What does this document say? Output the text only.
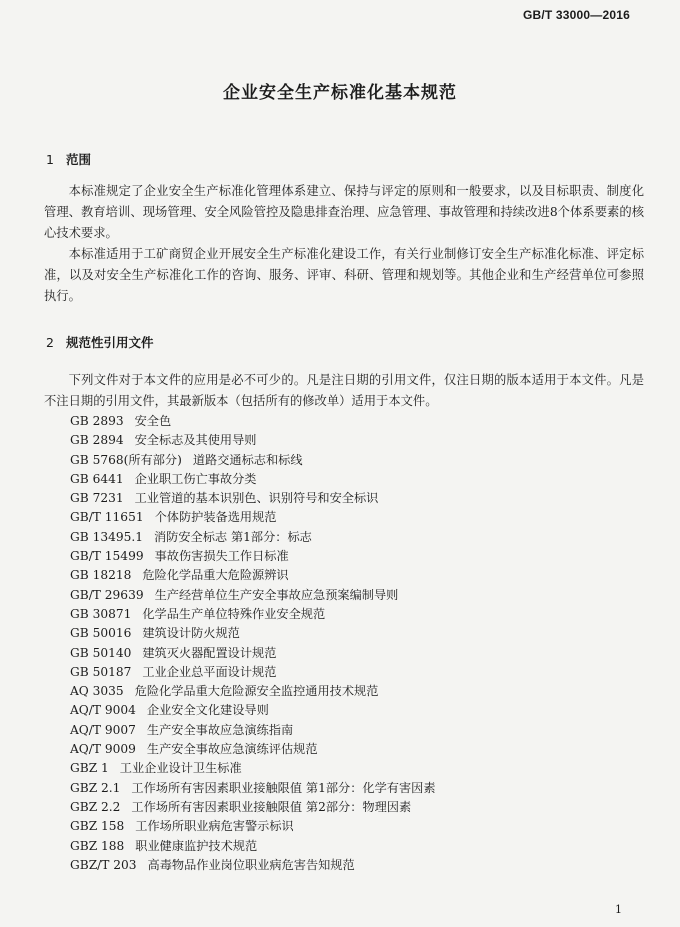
GB/T 33000—2016
企业安全生产标准化基本规范
1 范围

本标准规定了企业安全生产标准化管理体系建立、保持与评定的原则和一般要求，以及目标职责、制度化管理、教育培训、现场管理、安全风险管控及隐患排查治理、应急管理、事故管理和持续改进8个体系要素的核心技术要求。

本标准适用于工矿商贸企业开展安全生产标准化建设工作，有关行业制修订安全生产标准化标准、评定标准，以及对安全生产标准化工作的咨询、服务、评审、科研、管理和规划等。其他企业和生产经营单位可参照执行。

2 规范性引用文件

下列文件对于本文件的应用是必不可少的。凡是注日期的引用文件，仅注日期的版本适用于本文件。凡是不注日期的引用文件，其最新版本（包括所有的修改单）适用于本文件。

GB 2893 安全色
GB 2894 安全标志及其使用导则
GB 5768(所有部分) 道路交通标志和标线
GB 6441 企业职工伤亡事故分类
GB 7231 工业管道的基本识别色、识别符号和安全标识
GB/T 11651 个体防护装备选用规范
GB 13495.1 消防安全标志 第1部分：标志
GB/T 15499 事故伤害损失工作日标准
GB 18218 危险化学品重大危险源辨识
GB/T 29639 生产经营单位生产安全事故应急预案编制导则
GB 30871 化学品生产单位特殊作业安全规范
GB 50016 建筑设计防火规范
GB 50140 建筑灭火器配置设计规范
GB 50187 工业企业总平面设计规范
AQ 3035 危险化学品重大危险源安全监控通用技术规范
AQ/T 9004 企业安全文化建设导则
AQ/T 9007 生产安全事故应急演练指南
AQ/T 9009 生产安全事故应急演练评估规范
GBZ 1 工业企业设计卫生标准
GBZ 2.1 工作场所有害因素职业接触限值 第1部分：化学有害因素
GBZ 2.2 工作场所有害因素职业接触限值 第2部分：物理因素
GBZ 158 工作场所职业病危害警示标识
GBZ 188 职业健康监护技术规范
GBZ/T 203 高毒物品作业岗位职业病危害告知规范
1
